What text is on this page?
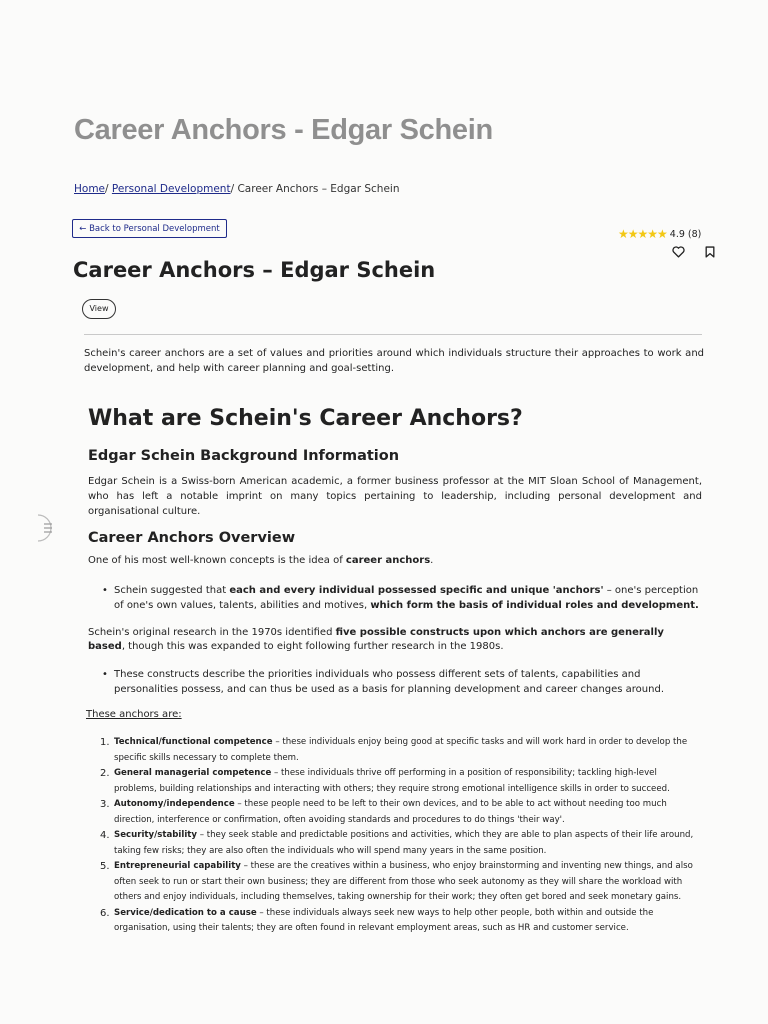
Career Anchors - Edgar Schein
Home/ Personal Development/ Career Anchors – Edgar Schein
← Back to Personal Development	★★★★★ 4.9 (8)
Career Anchors – Edgar Schein
View
Schein's career anchors are a set of values and priorities around which individuals structure their approaches to work and development, and help with career planning and goal-setting.
What are Schein's Career Anchors?
Edgar Schein Background Information
Edgar Schein is a Swiss-born American academic, a former business professor at the MIT Sloan School of Management, who has left a notable imprint on many topics pertaining to leadership, including personal development and organisational culture.
Career Anchors Overview
One of his most well-known concepts is the idea of career anchors.
• Schein suggested that each and every individual possessed specific and unique 'anchors' – one's perception of one's own values, talents, abilities and motives, which form the basis of individual roles and development.
Schein's original research in the 1970s identified five possible constructs upon which anchors are generally based, though this was expanded to eight following further research in the 1980s.
• These constructs describe the priorities individuals who possess different sets of talents, capabilities and personalities possess, and can thus be used as a basis for planning development and career changes around.
These anchors are:
1. Technical/functional competence – these individuals enjoy being good at specific tasks and will work hard in order to develop the specific skills necessary to complete them.
2. General managerial competence – these individuals thrive off performing in a position of responsibility; tackling high-level problems, building relationships and interacting with others; they require strong emotional intelligence skills in order to succeed.
3. Autonomy/independence – these people need to be left to their own devices, and to be able to act without needing too much direction, interference or confirmation, often avoiding standards and procedures to do things 'their way'.
4. Security/stability – they seek stable and predictable positions and activities, which they are able to plan aspects of their life around, taking few risks; they are also often the individuals who will spend many years in the same position.
5. Entrepreneurial capability – these are the creatives within a business, who enjoy brainstorming and inventing new things, and also often seek to run or start their own business; they are different from those who seek autonomy as they will share the workload with others and enjoy individuals, including themselves, taking ownership for their work; they often get bored and seek monetary gains.
6. Service/dedication to a cause – these individuals always seek new ways to help other people, both within and outside the organisation, using their talents; they are often found in relevant employment areas, such as HR and customer service.
